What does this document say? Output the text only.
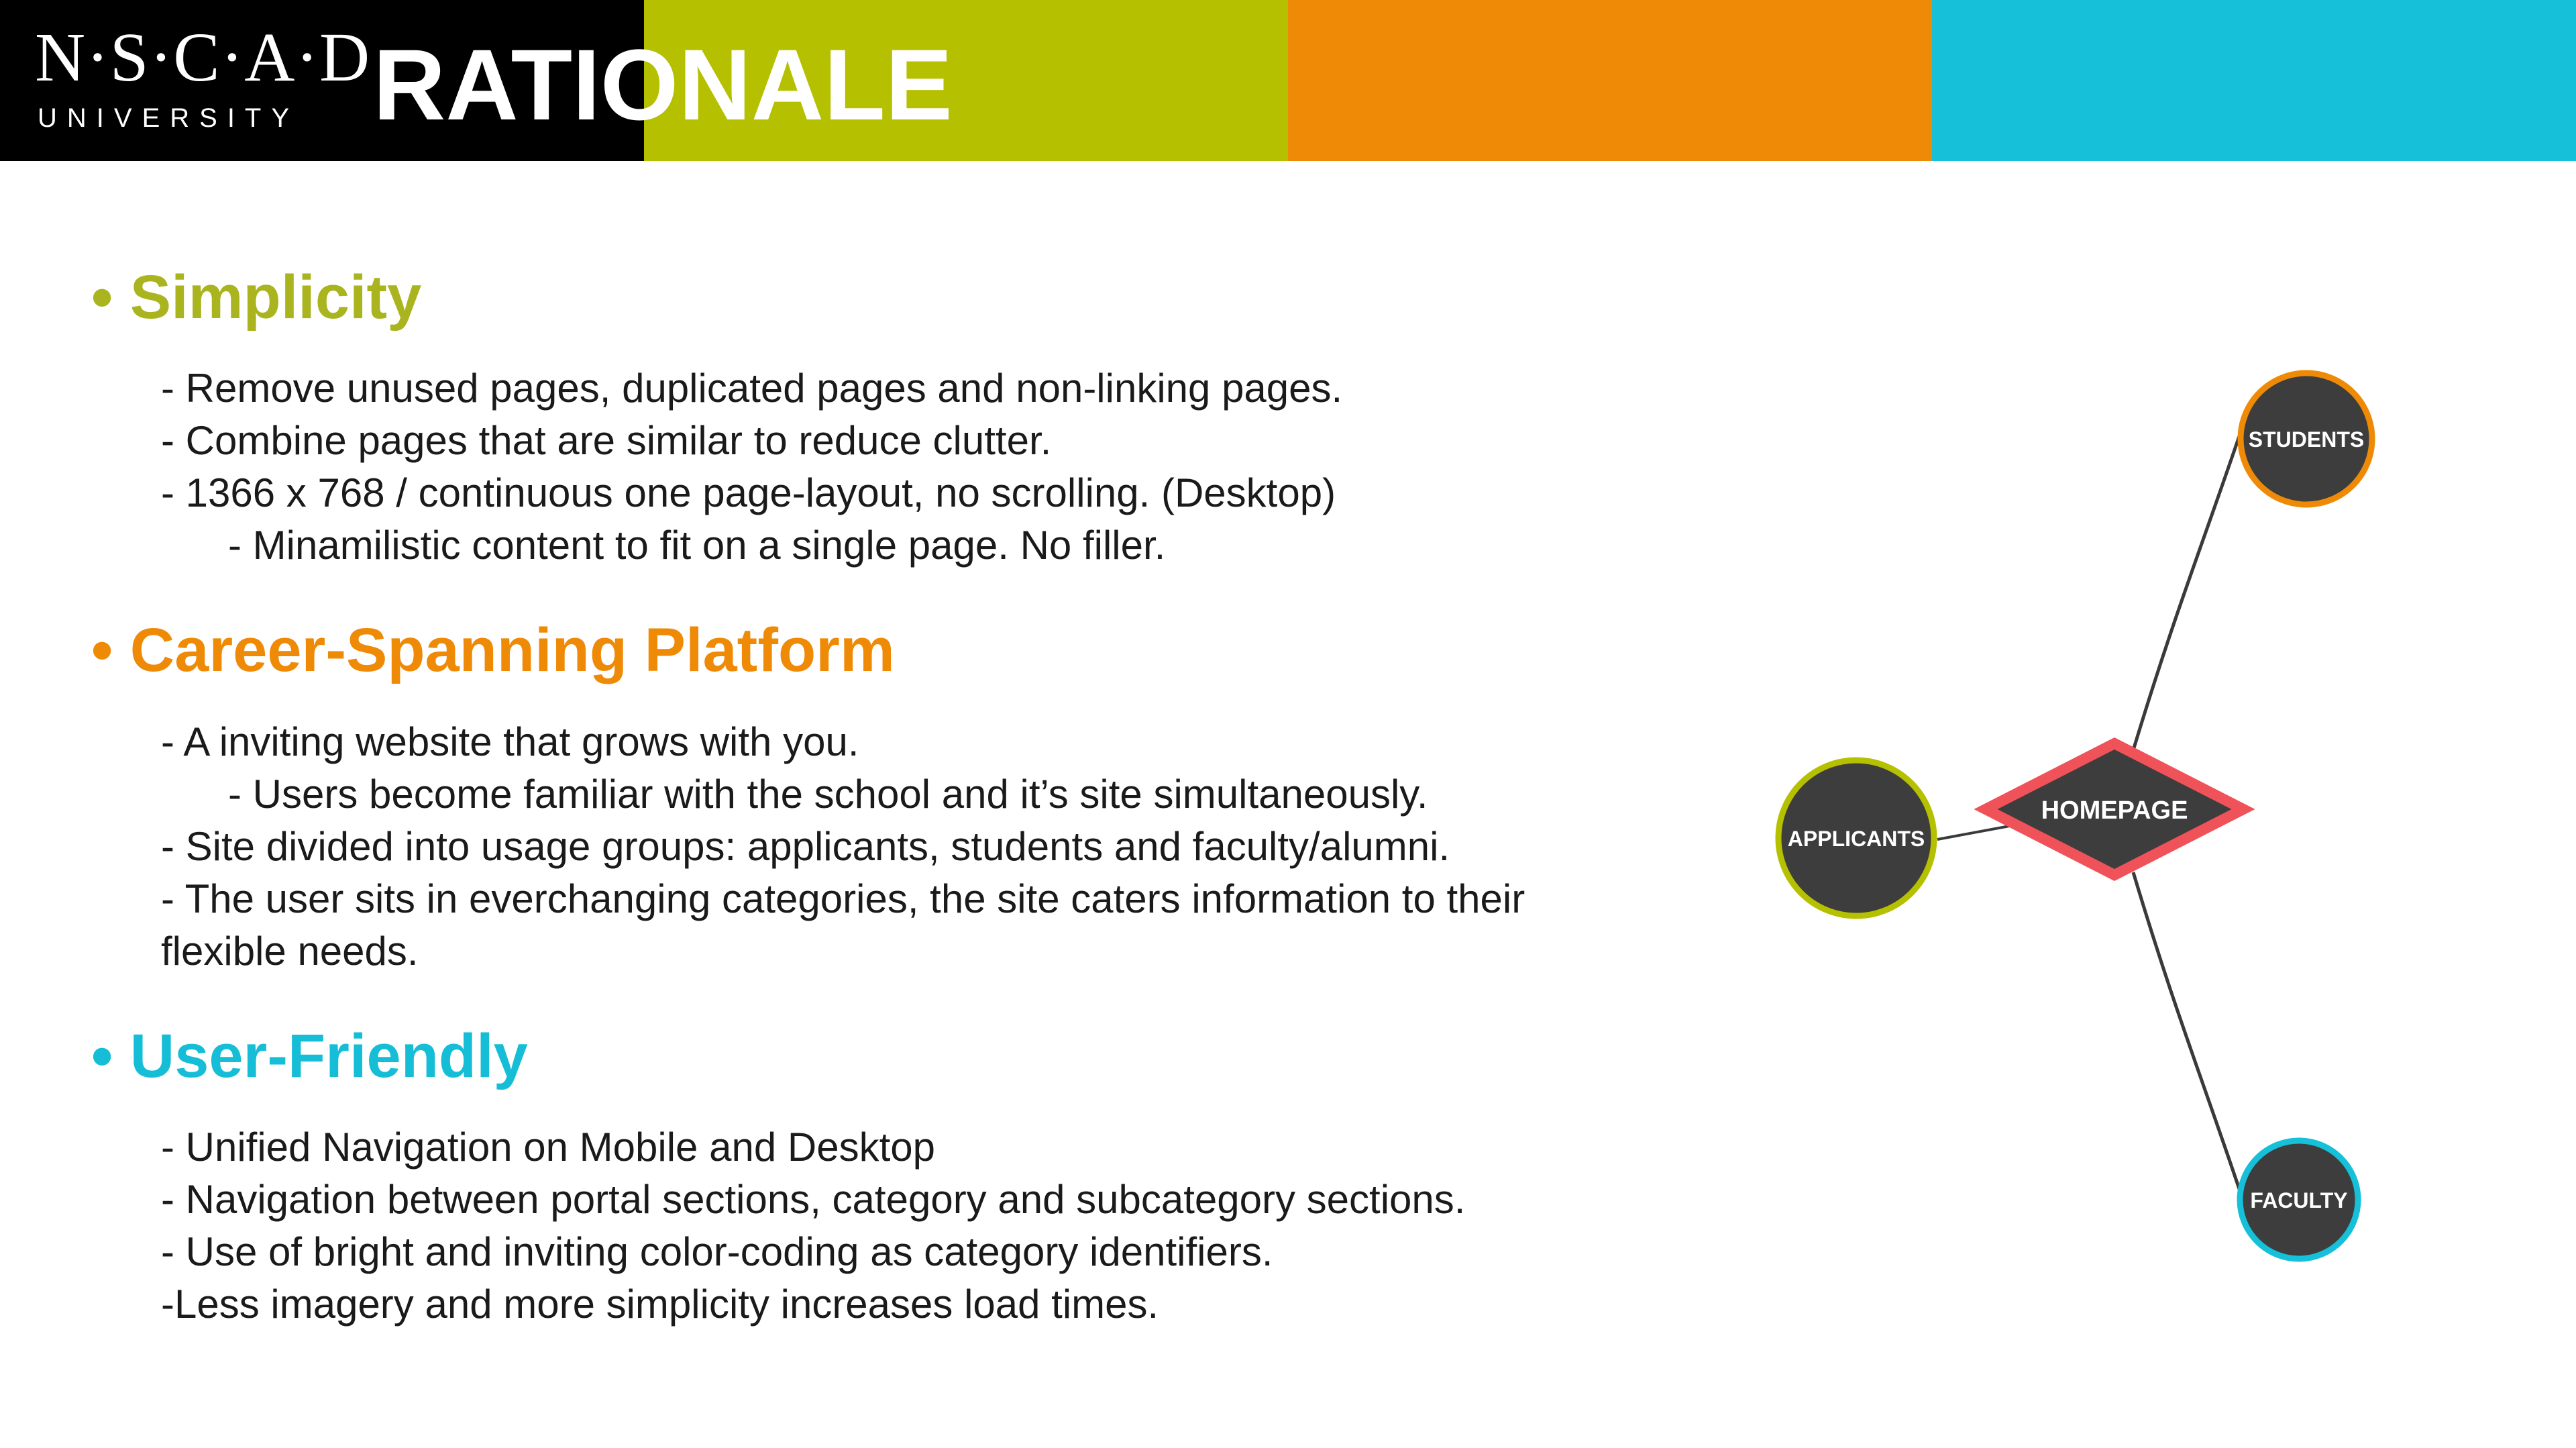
N·S·C·A·D
UNIVERSITY RATIONALE
• Simplicity
- Remove unused pages, duplicated pages and non-linking pages.
- Combine pages that are similar to reduce clutter.
- 1366 x 768 / continuous one page-layout, no scrolling. (Desktop)
- Minamilistic content to fit on a single page. No filler.
• Career-Spanning Platform
- A inviting website that grows with you.
- Users become familiar with the school and it’s site simultaneously.
- Site divided into usage groups: applicants, students and faculty/alumni.
- The user sits in everchanging categories, the site caters information to their flexible needs.
• User-Friendly
- Unified Navigation on Mobile and Desktop
- Navigation between portal sections, category and subcategory sections.
- Use of bright and inviting color-coding as category identifiers.
-Less imagery and more simplicity increases load times.
STUDENTS
APPLICANTS
HOMEPAGE
FACULTY
